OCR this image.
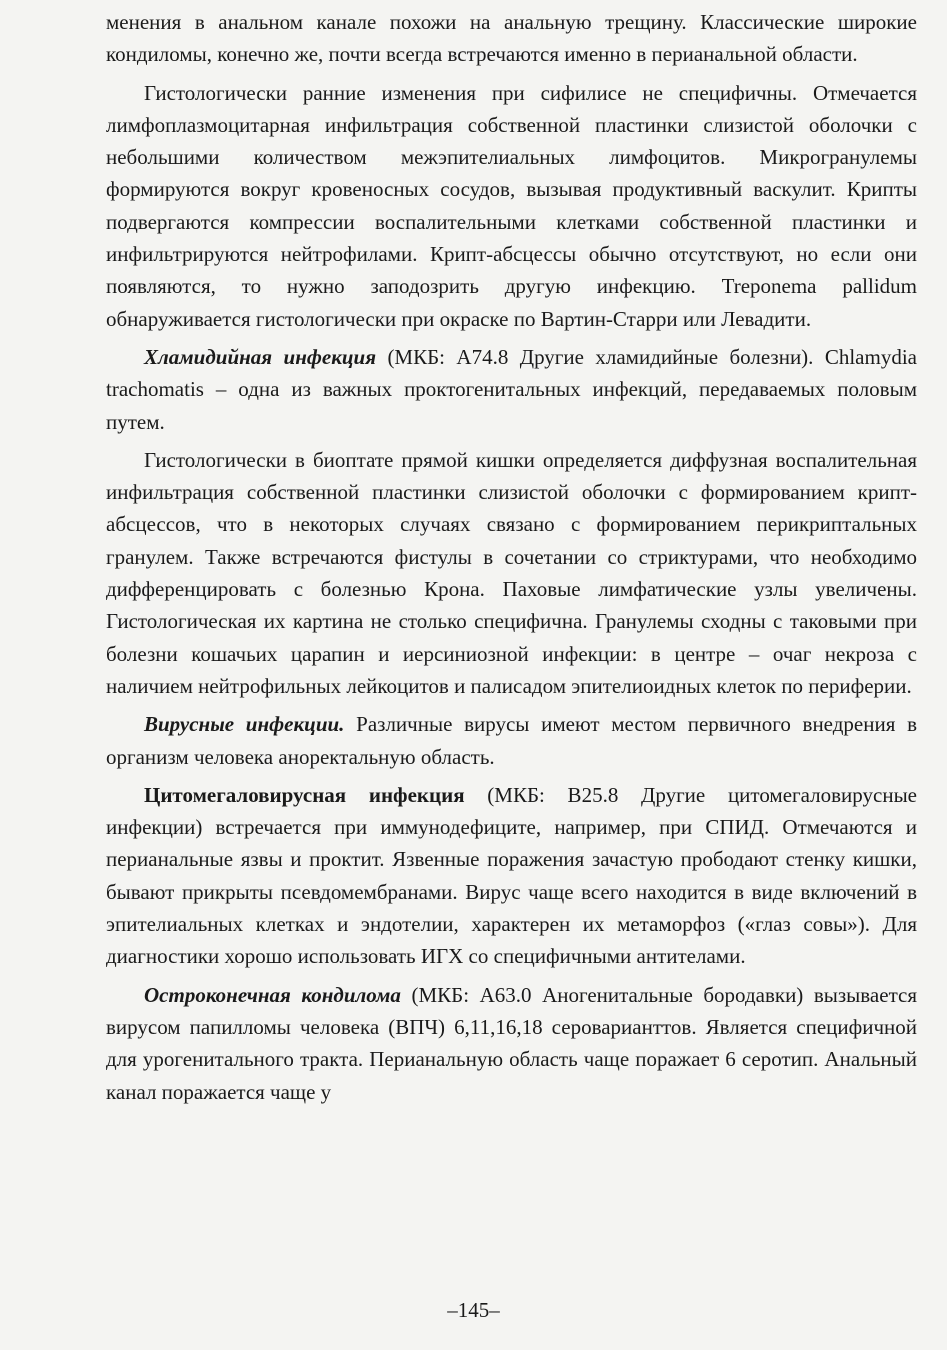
менения в анальном канале похожи на анальную трещину. Классические широкие кондиломы, конечно же, почти всегда встречаются именно в перианальной области.

Гистологически ранние изменения при сифилисе не специфичны. Отмечается лимфоплазмоцитарная инфильтрация собственной пластинки слизистой оболочки с небольшими количеством межэпителиальных лимфоцитов. Микрогранулемы формируются вокруг кровеносных сосудов, вызывая продуктивный васкулит. Крипты подвергаются компрессии воспалительными клетками собственной пластинки и инфильтрируются нейтрофилами. Крипт-абсцессы обычно отсутствуют, но если они появляются, то нужно заподозрить другую инфекцию. Treponema pallidum обнаруживается гистологически при окраске по Вартин-Старри или Левадити.

Хламидийная инфекция (МКБ: A74.8 Другие хламидийные болезни). Chlamydia trachomatis – одна из важных проктогенитальных инфекций, передаваемых половым путем.

Гистологически в биоптате прямой кишки определяется диффузная воспалительная инфильтрация собственной пластинки слизистой оболочки с формированием крипт-абсцессов, что в некоторых случаях связано с формированием перикриптальных гранулем. Также встречаются фистулы в сочетании со стриктурами, что необходимо дифференцировать с болезнью Крона. Паховые лимфатические узлы увеличены. Гистологическая их картина не столько специфична. Гранулемы сходны с таковыми при болезни кошачьих царапин и иерсиниозной инфекции: в центре – очаг некроза с наличием нейтрофильных лейкоцитов и палисадом эпителиоидных клеток по периферии.

Вирусные инфекции. Различные вирусы имеют местом первичного внедрения в организм человека аноректальную область.

Цитомегаловирусная инфекция (МКБ: B25.8 Другие цитомегаловирусные инфекции) встречается при иммунодефиците, например, при СПИД. Отмечаются и перианальные язвы и проктит. Язвенные поражения зачастую прободают стенку кишки, бывают прикрыты псевдомембранами. Вирус чаще всего находится в виде включений в эпителиальных клетках и эндотелии, характерен их метаморфоз («глаз совы»). Для диагностики хорошо использовать ИГХ со специфичными антителами.

Остроконечная кондилома (МКБ: A63.0 Аногенитальные бородавки) вызывается вирусом папилломы человека (ВПЧ) 6,11,16,18 сероварианттов. Является специфичной для урогенитального тракта. Перианальную область чаще поражает 6 серотип. Анальный канал поражается чаще у

–145–
